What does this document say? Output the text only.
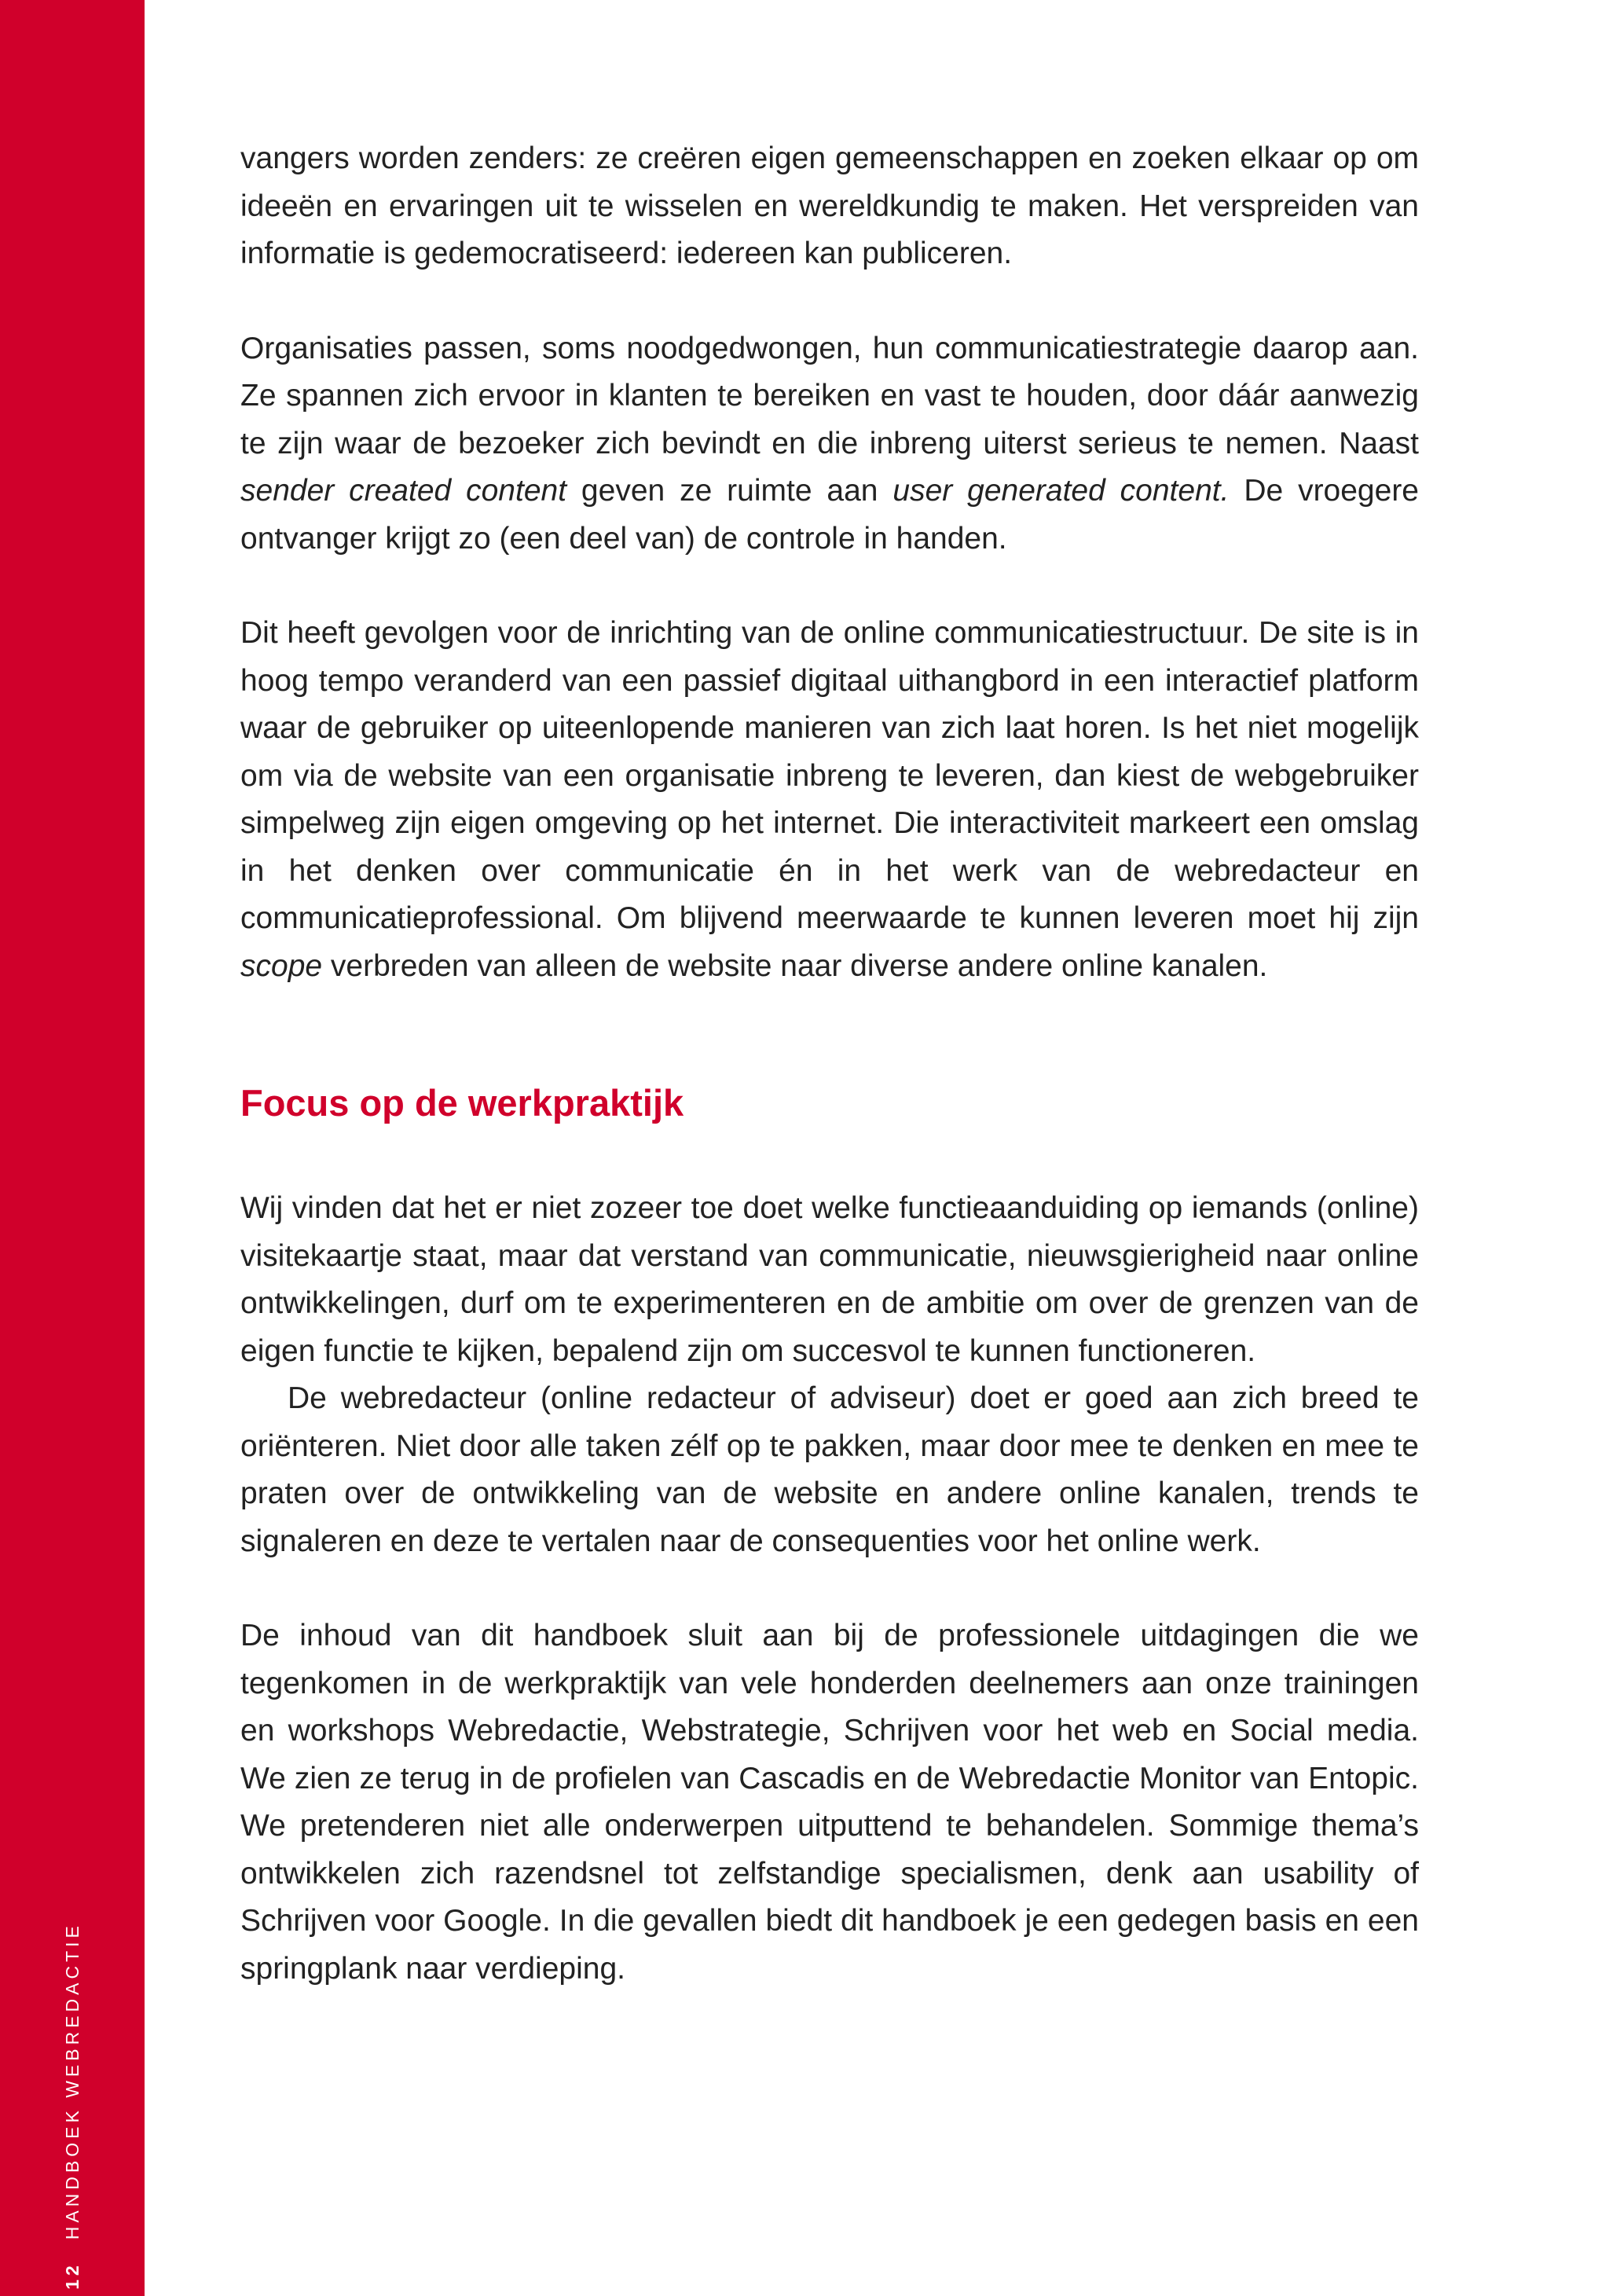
12HANDBOEK WEBREDACTIE

vangers worden zenders: ze creëren eigen gemeenschappen en zoeken elkaar op om ideeën en ervaringen uit te wisselen en wereldkundig te maken. Het verspreiden van informatie is gedemocratiseerd: iedereen kan publiceren.

Organisaties passen, soms noodgedwongen, hun communicatiestrategie daarop aan. Ze spannen zich ervoor in klanten te bereiken en vast te houden, door dáár aanwezig te zijn waar de bezoeker zich bevindt en die inbreng uiterst serieus te nemen. Naast sender created content geven ze ruimte aan user generated content. De vroegere ontvanger krijgt zo (een deel van) de controle in handen.

Dit heeft gevolgen voor de inrichting van de online communicatiestructuur. De site is in hoog tempo veranderd van een passief digitaal uithangbord in een interactief platform waar de gebruiker op uiteenlopende manieren van zich laat horen. Is het niet mogelijk om via de website van een organisatie inbreng te leveren, dan kiest de webgebruiker simpelweg zijn eigen omgeving op het internet. Die interactiviteit markeert een omslag in het denken over communicatie én in het werk van de webredacteur en communicatieprofessional. Om blijvend meerwaarde te kunnen leveren moet hij zijn scope verbreden van alleen de website naar diverse andere online kanalen.

Focus op de werkpraktijk

Wij vinden dat het er niet zozeer toe doet welke functieaanduiding op iemands (online) visitekaartje staat, maar dat verstand van communicatie, nieuwsgierigheid naar online ontwikkelingen, durf om te experimenteren en de ambitie om over de grenzen van de eigen functie te kijken, bepalend zijn om succesvol te kunnen functioneren.

De webredacteur (online redacteur of adviseur) doet er goed aan zich breed te oriënteren. Niet door alle taken zélf op te pakken, maar door mee te denken en mee te praten over de ontwikkeling van de website en andere online kanalen, trends te signaleren en deze te vertalen naar de consequenties voor het online werk.

De inhoud van dit handboek sluit aan bij de professionele uitdagingen die we tegenkomen in de werkpraktijk van vele honderden deelnemers aan onze trainingen en workshops Webredactie, Webstrategie, Schrijven voor het web en Social media. We zien ze terug in de profielen van Cascadis en de Webredactie Monitor van Entopic. We pretenderen niet alle onderwerpen uitputtend te behandelen. Sommige thema’s ontwikkelen zich razendsnel tot zelfstandige specialismen, denk aan usability of Schrijven voor Google. In die gevallen biedt dit handboek je een gedegen basis en een springplank naar verdieping.
